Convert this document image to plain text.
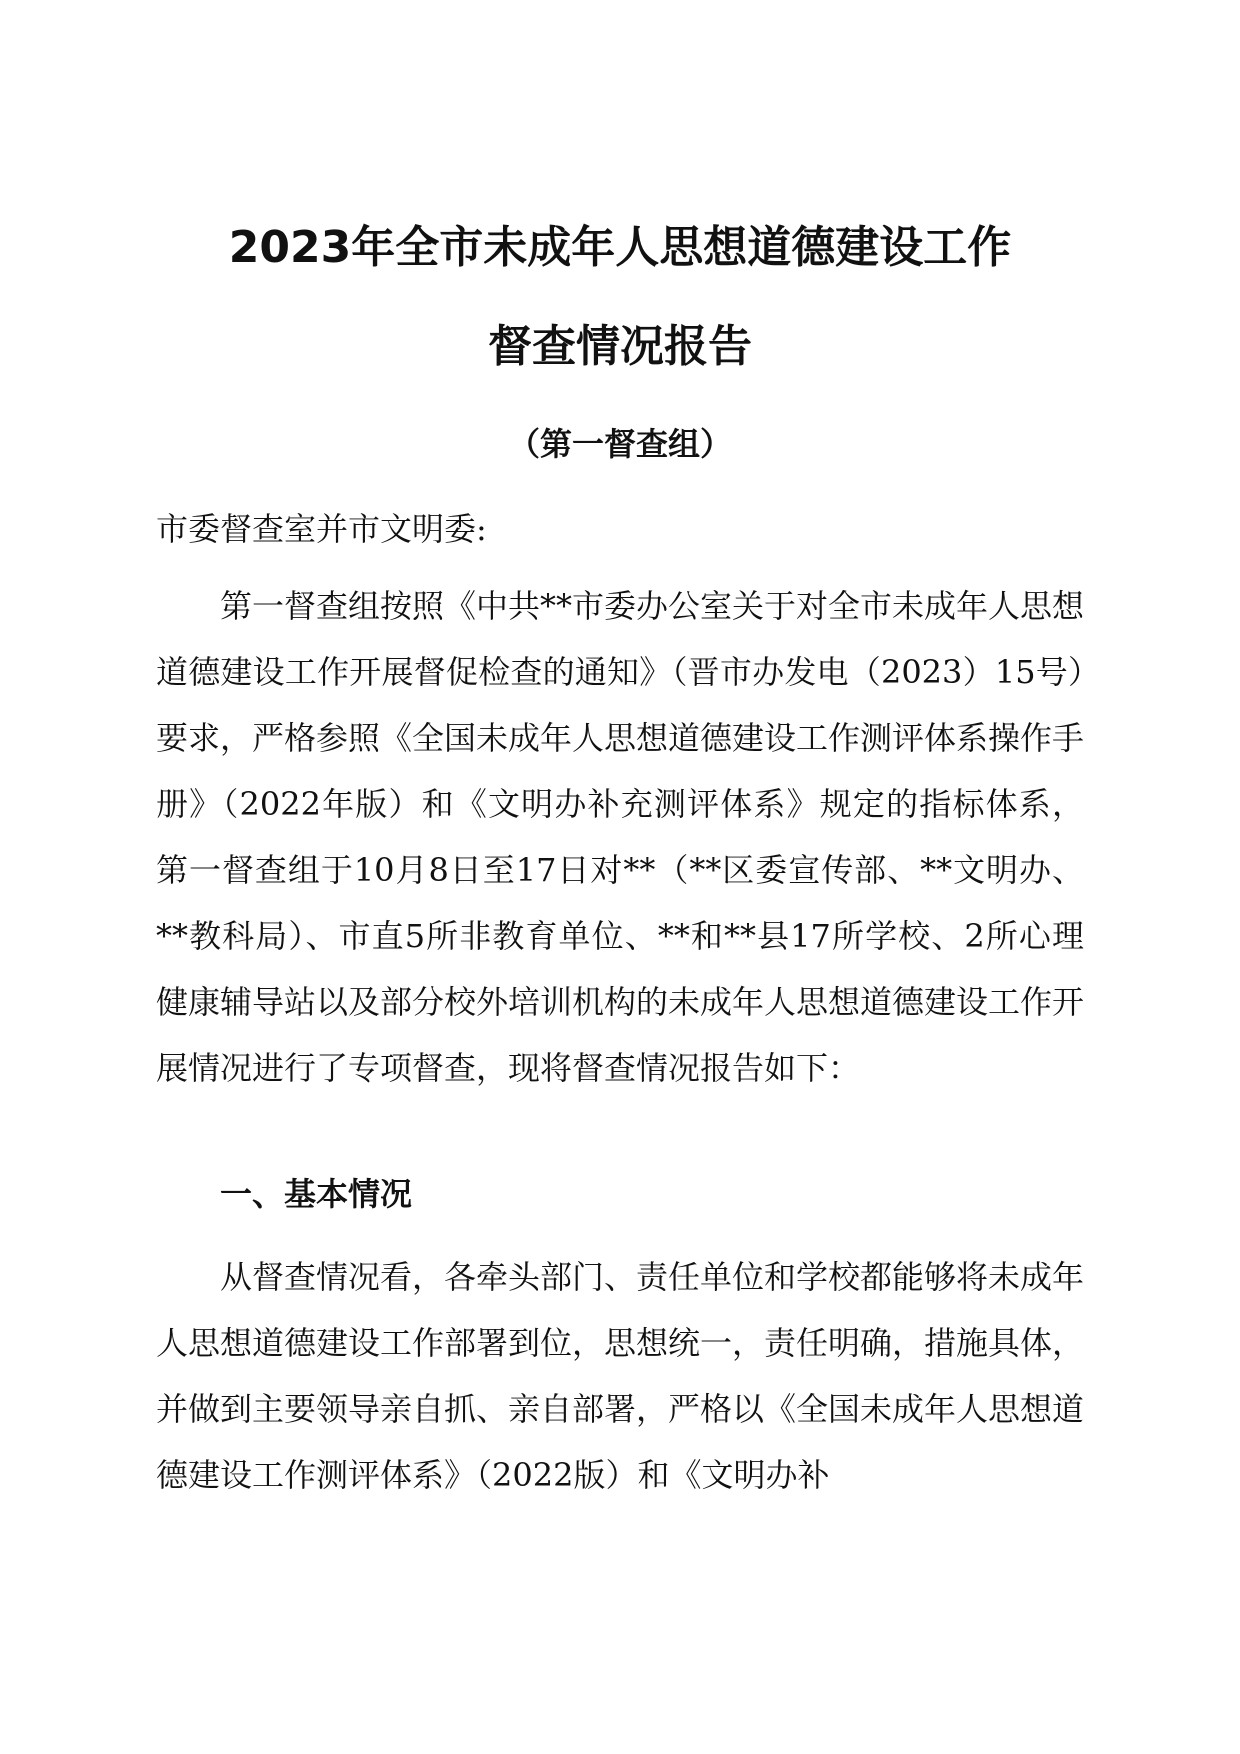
2023年全市未成年人思想道德建设工作
督查情况报告

（第一督查组）

市委督查室并市文明委:

第一督查组按照《中共**市委办公室关于对全市未成年人思想道德建设工作开展督促检查的通知》（晋市办发电（2023）15号）要求，严格参照《全国未成年人思想道德建设工作测评体系操作手册》（2022年版）和《文明办补充测评体系》规定的指标体系，第一督查组于10月8日至17日对**（**区委宣传部、**文明办、**教科局）、市直5所非教育单位、**和**县17所学校、2所心理健康辅导站以及部分校外培训机构的未成年人思想道德建设工作开展情况进行了专项督查，现将督查情况报告如下：

一、基本情况

从督查情况看，各牵头部门、责任单位和学校都能够将未成年人思想道德建设工作部署到位，思想统一，责任明确，措施具体，并做到主要领导亲自抓、亲自部署，严格以《全国未成年人思想道德建设工作测评体系》（2022版）和《文明办补
